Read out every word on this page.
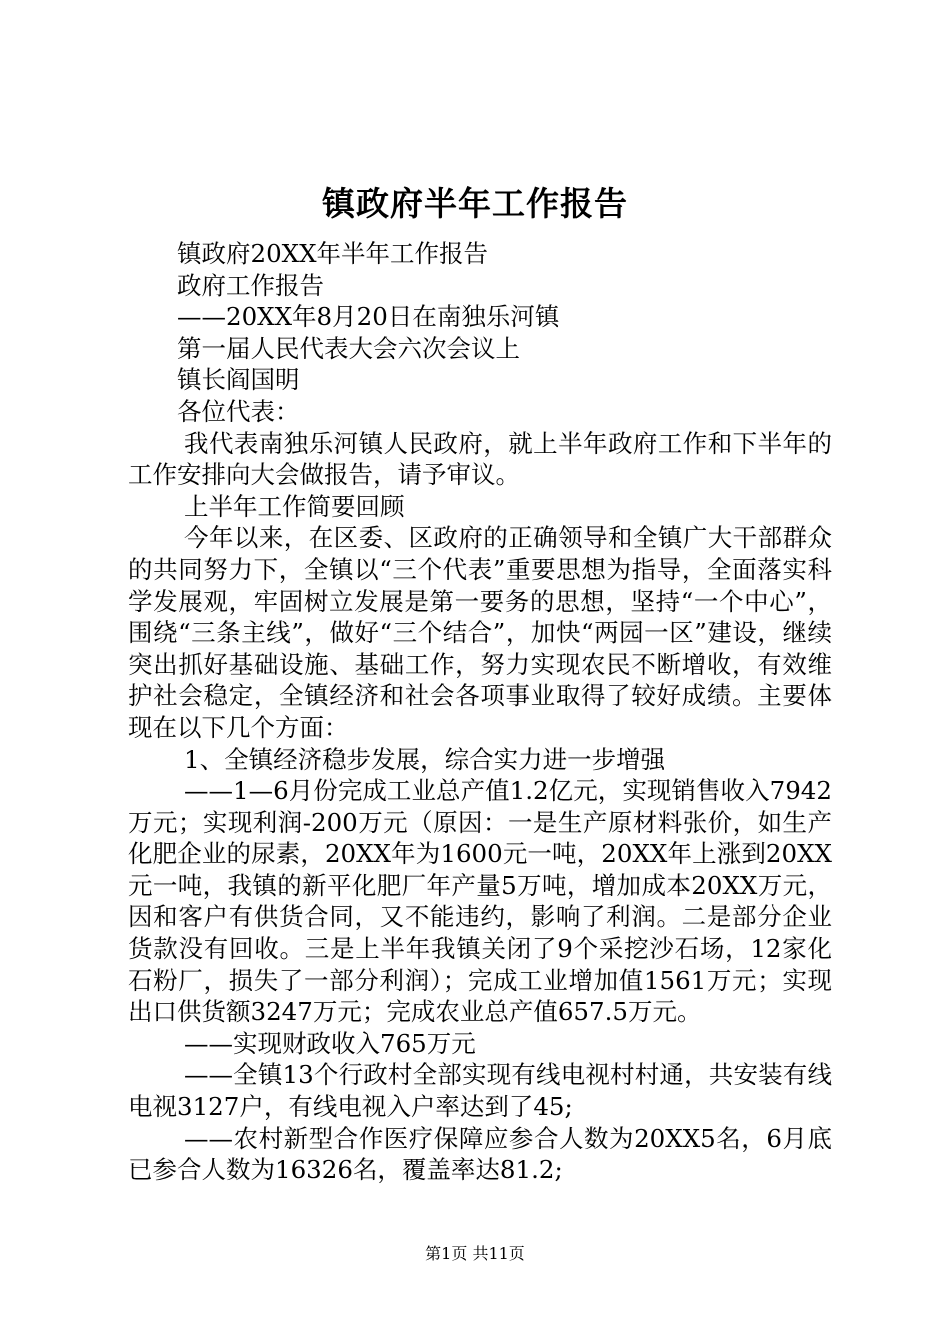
镇政府半年工作报告

镇政府20XX年半年工作报告

政府工作报告

——20XX年8月20日在南独乐河镇

第一届人民代表大会六次会议上

镇长阎国明

各位代表：

我代表南独乐河镇人民政府，就上半年政府工作和下半年的工作安排向大会做报告，请予审议。

上半年工作简要回顾

今年以来，在区委、区政府的正确领导和全镇广大干部群众的共同努力下，全镇以“三个代表”重要思想为指导，全面落实科学发展观，牢固树立发展是第一要务的思想，坚持“一个中心”，围绕“三条主线”，做好“三个结合”，加快“两园一区”建设，继续突出抓好基础设施、基础工作，努力实现农民不断增收，有效维护社会稳定，全镇经济和社会各项事业取得了较好成绩。主要体现在以下几个方面：

1、全镇经济稳步发展，综合实力进一步增强

——1—6月份完成工业总产值1.2亿元，实现销售收入7942万元；实现利润-200万元（原因：一是生产原材料张价，如生产化肥企业的尿素，20XX年为1600元一吨，20XX年上涨到20XX元一吨，我镇的新平化肥厂年产量5万吨，增加成本20XX万元，因和客户有供货合同，又不能违约，影响了利润。二是部分企业货款没有回收。三是上半年我镇关闭了9个采挖沙石场，12家化石粉厂，损失了一部分利润）；完成工业增加值1561万元；实现出口供货额3247万元；完成农业总产值657.5万元。

——实现财政收入765万元

——全镇13个行政村全部实现有线电视村村通，共安装有线电视3127户，有线电视入户率达到了45;

——农村新型合作医疗保障应参合人数为20XX5名，6月底已参合人数为16326名，覆盖率达81.2;

第1页 共11页
